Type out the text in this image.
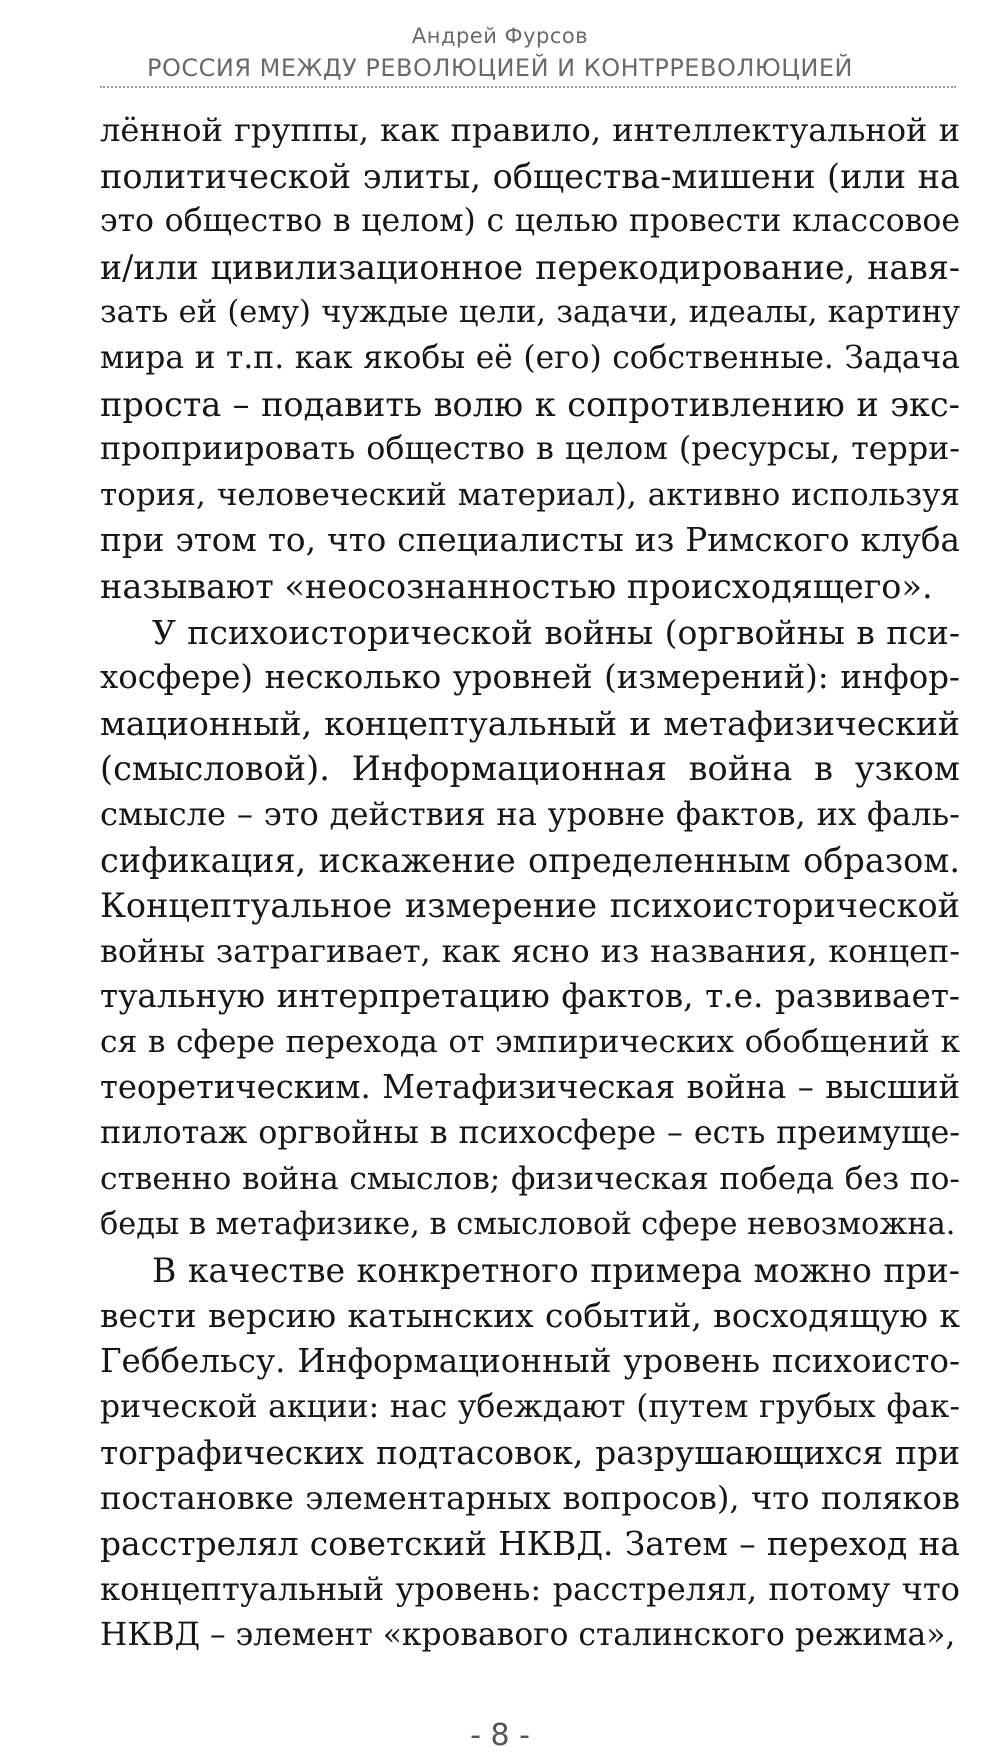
Андрей Фурсов
РОССИЯ МЕЖДУ РЕВОЛЮЦИЕЙ И КОНТРРЕВОЛЮЦИЕЙ
лённой группы, как правило, интеллектуальной и
политической элиты, общества-мишени (или на
это общество в целом) с целью провести классовое
и/или цивилизационное перекодирование, навя-
зать ей (ему) чуждые цели, задачи, идеалы, картину
мира и т.п. как якобы её (его) собственные. Задача
проста – подавить волю к сопротивлению и экс-
проприировать общество в целом (ресурсы, терри-
тория, человеческий материал), активно используя
при этом то, что специалисты из Римского клуба
называют «неосознанностью происходящего».
У психоисторической войны (оргвойны в пси-
хосфере) несколько уровней (измерений): инфор-
мационный, концептуальный и метафизический
(смысловой). Информационная война в узком
смысле – это действия на уровне фактов, их фаль-
сификация, искажение определенным образом.
Концептуальное измерение психоисторической
войны затрагивает, как ясно из названия, концеп-
туальную интерпретацию фактов, т.е. развивает-
ся в сфере перехода от эмпирических обобщений к
теоретическим. Метафизическая война – высший
пилотаж оргвойны в психосфере – есть преимуще-
ственно война смыслов; физическая победа без по-
беды в метафизике, в смысловой сфере невозможна.
В качестве конкретного примера можно при-
вести версию катынских событий, восходящую к
Геббельсу. Информационный уровень психоисто-
рической акции: нас убеждают (путем грубых фак-
тографических подтасовок, разрушающихся при
постановке элементарных вопросов), что поляков
расстрелял советский НКВД. Затем – переход на
концептуальный уровень: расстрелял, потому что
НКВД – элемент «кровавого сталинского режима»,
- 8 -
